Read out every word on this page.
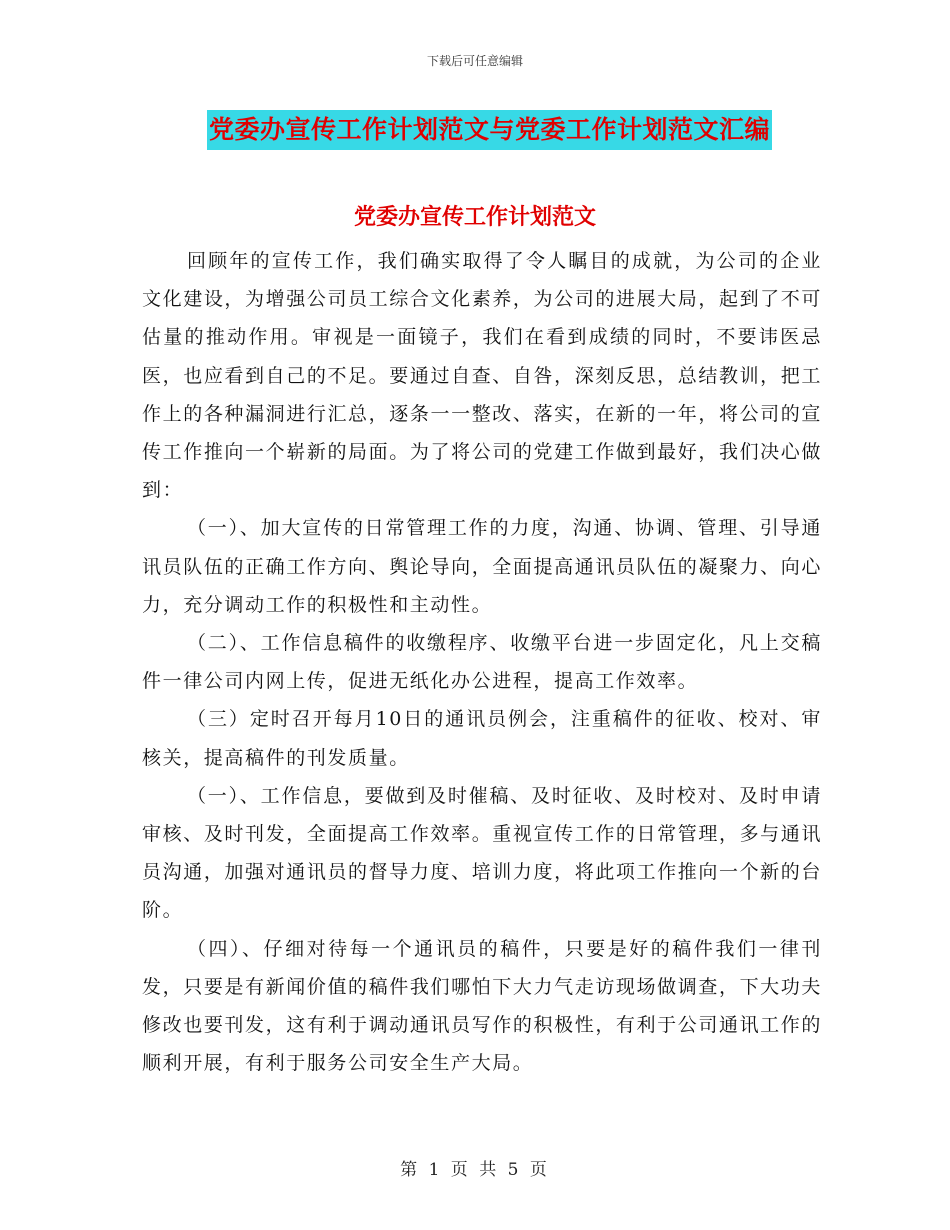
下载后可任意编辑
党委办宣传工作计划范文与党委工作计划范文汇编
党委办宣传工作计划范文

回顾年的宣传工作，我们确实取得了令人瞩目的成就，为公司的企业文化建设，为增强公司员工综合文化素养，为公司的进展大局，起到了不可估量的推动作用。审视是一面镜子，我们在看到成绩的同时，不要讳医忌医，也应看到自己的不足。要通过自查、自咎，深刻反思，总结教训，把工作上的各种漏洞进行汇总，逐条一一整改、落实，在新的一年，将公司的宣传工作推向一个崭新的局面。为了将公司的党建工作做到最好，我们决心做到：

（一）、加大宣传的日常管理工作的力度，沟通、协调、管理、引导通讯员队伍的正确工作方向、舆论导向，全面提高通讯员队伍的凝聚力、向心力，充分调动工作的积极性和主动性。

（二）、工作信息稿件的收缴程序、收缴平台进一步固定化，凡上交稿件一律公司内网上传，促进无纸化办公进程，提高工作效率。

（三）定时召开每月10日的通讯员例会，注重稿件的征收、校对、审核关，提高稿件的刊发质量。

（一）、工作信息，要做到及时催稿、及时征收、及时校对、及时申请审核、及时刊发，全面提高工作效率。重视宣传工作的日常管理，多与通讯员沟通，加强对通讯员的督导力度、培训力度，将此项工作推向一个新的台阶。

（四）、仔细对待每一个通讯员的稿件，只要是好的稿件我们一律刊发，只要是有新闻价值的稿件我们哪怕下大力气走访现场做调查，下大功夫修改也要刊发，这有利于调动通讯员写作的积极性，有利于公司通讯工作的顺利开展，有利于服务公司安全生产大局。

第 1 页 共 5 页
